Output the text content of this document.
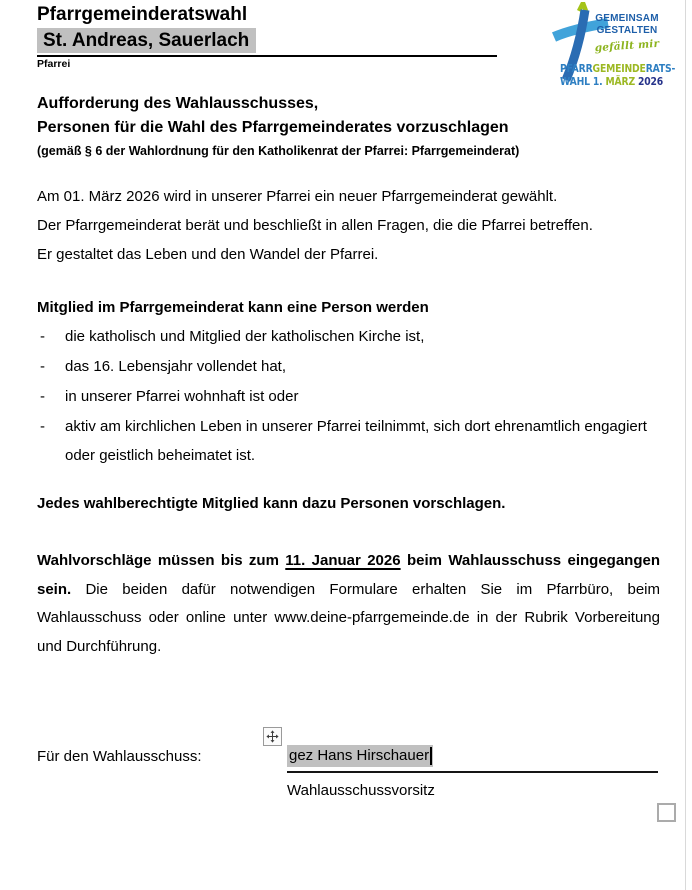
Pfarrgemeinderatswahl
St. Andreas, Sauerlach
Pfarrei
GEMEINSAM
GESTALTEN
gefällt mir
PFARRGEMEINDERATS-
WAHL 1. MÄRZ 2026
Aufforderung des Wahlausschusses,
Personen für die Wahl des Pfarrgemeinderates vorzuschlagen
(gemäß § 6 der Wahlordnung für den Katholikenrat der Pfarrei: Pfarrgemeinderat)
Am 01. März 2026 wird in unserer Pfarrei ein neuer Pfarrgemeinderat gewählt.
Der Pfarrgemeinderat berät und beschließt in allen Fragen, die die Pfarrei betreffen.
Er gestaltet das Leben und den Wandel der Pfarrei.
Mitglied im Pfarrgemeinderat kann eine Person werden
- die katholisch und Mitglied der katholischen Kirche ist,
- das 16. Lebensjahr vollendet hat,
- in unserer Pfarrei wohnhaft ist oder
- aktiv am kirchlichen Leben in unserer Pfarrei teilnimmt, sich dort ehrenamtlich engagiert oder geistlich beheimatet ist.
Jedes wahlberechtigte Mitglied kann dazu Personen vorschlagen.
Wahlvorschläge müssen bis zum 11. Januar 2026 beim Wahlausschuss eingegangen sein. Die beiden dafür notwendigen Formulare erhalten Sie im Pfarrbüro, beim Wahlausschuss oder online unter www.deine-pfarrgemeinde.de in der Rubrik Vorbereitung und Durchführung.
Für den Wahlausschuss:	gez Hans Hirschauer
Wahlausschussvorsitz
